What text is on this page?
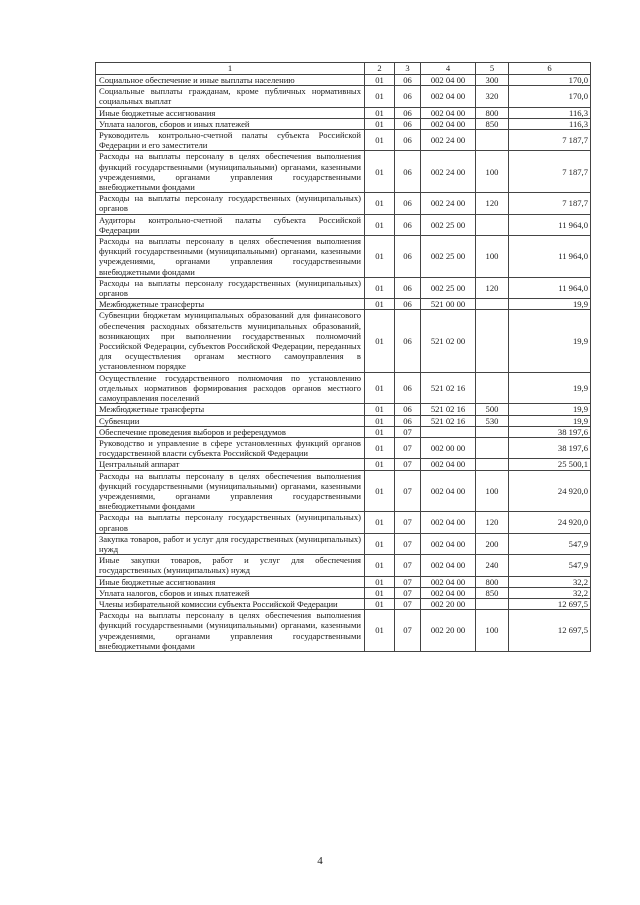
1	2	3	4	5	6
Социальное обеспечение и иные выплаты населению	01	06	002 04 00	300	170,0
Социальные выплаты гражданам, кроме публичных нормативных социальных выплат	01	06	002 04 00	320	170,0
Иные бюджетные ассигнования	01	06	002 04 00	800	116,3
Уплата налогов, сборов и иных платежей	01	06	002 04 00	850	116,3
Руководитель контрольно-счетной палаты субъекта Российской Федерации и его заместители	01	06	002 24 00		7 187,7
Расходы на выплаты персоналу в целях обеспечения выполнения функций государственными (муниципальными) органами, казенными учреждениями, органами управления государственными внебюджетными фондами	01	06	002 24 00	100	7 187,7
Расходы на выплаты персоналу государственных (муниципальных) органов	01	06	002 24 00	120	7 187,7
Аудиторы контрольно-счетной палаты субъекта Российской Федерации	01	06	002 25 00		11 964,0
Расходы на выплаты персоналу в целях обеспечения выполнения функций государственными (муниципальными) органами, казенными учреждениями, органами управления государственными внебюджетными фондами	01	06	002 25 00	100	11 964,0
Расходы на выплаты персоналу государственных (муниципальных) органов	01	06	002 25 00	120	11 964,0
Межбюджетные трансферты	01	06	521 00 00		19,9
Субвенции бюджетам муниципальных образований для финансового обеспечения расходных обязательств муниципальных образований, возникающих при выполнении государственных полномочий Российской Федерации, субъектов Российской Федерации, переданных для осуществления органам местного самоуправления в установленном порядке	01	06	521 02 00		19,9
Осуществление государственного полномочия по установлению отдельных нормативов формирования расходов органов местного самоуправления поселений	01	06	521 02 16		19,9
Межбюджетные трансферты	01	06	521 02 16	500	19,9
Субвенции	01	06	521 02 16	530	19,9
Обеспечение проведения выборов и референдумов	01	07			38 197,6
Руководство и управление в сфере установленных функций органов государственной власти субъекта Российской Федерации	01	07	002 00 00		38 197,6
Центральный аппарат	01	07	002 04 00		25 500,1
Расходы на выплаты персоналу в целях обеспечения выполнения функций государственными (муниципальными) органами, казенными учреждениями, органами управления государственными внебюджетными фондами	01	07	002 04 00	100	24 920,0
Расходы на выплаты персоналу государственных (муниципальных) органов	01	07	002 04 00	120	24 920,0
Закупка товаров, работ и услуг для государственных (муниципальных) нужд	01	07	002 04 00	200	547,9
Иные закупки товаров, работ и услуг для обеспечения государственных (муниципальных) нужд	01	07	002 04 00	240	547,9
Иные бюджетные ассигнования	01	07	002 04 00	800	32,2
Уплата налогов, сборов и иных платежей	01	07	002 04 00	850	32,2
Члены избирательной комиссии субъекта Российской Федерации	01	07	002 20 00		12 697,5
Расходы на выплаты персоналу в целях обеспечения выполнения функций государственными (муниципальными) органами, казенными учреждениями, органами управления государственными внебюджетными фондами	01	07	002 20 00	100	12 697,5
4
